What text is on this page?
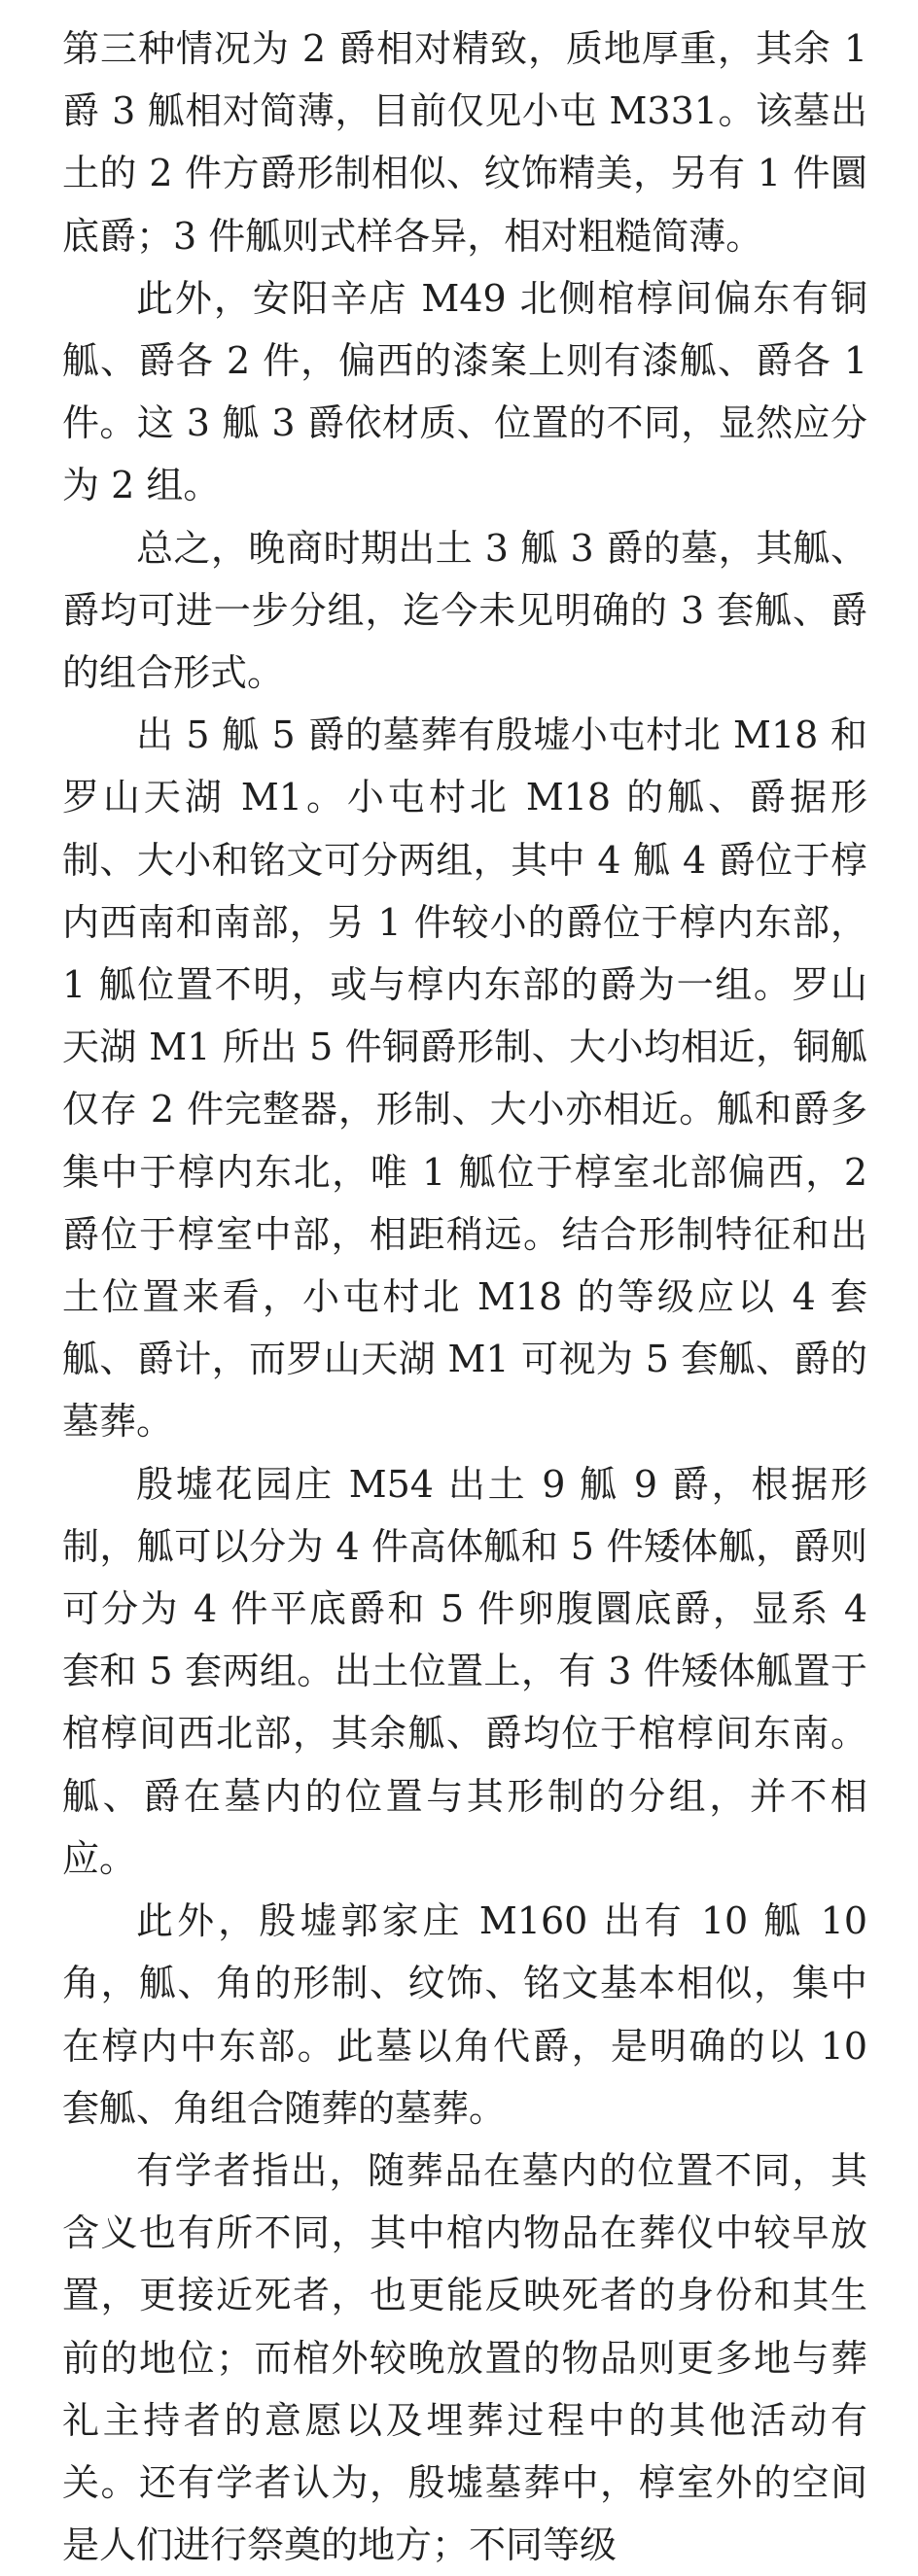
第三种情况为 2 爵相对精致，质地厚重，其余 1 爵 3 觚相对简薄，目前仅见小屯 M331。该墓出土的 2 件方爵形制相似、纹饰精美，另有 1 件圜底爵；3 件觚则式样各异，相对粗糙简薄。

此外，安阳辛店 M49 北侧棺椁间偏东有铜觚、爵各 2 件，偏西的漆案上则有漆觚、爵各 1 件。这 3 觚 3 爵依材质、位置的不同，显然应分为 2 组。

总之，晚商时期出土 3 觚 3 爵的墓，其觚、爵均可进一步分组，迄今未见明确的 3 套觚、爵的组合形式。

出 5 觚 5 爵的墓葬有殷墟小屯村北 M18 和罗山天湖 M1。小屯村北 M18 的觚、爵据形制、大小和铭文可分两组，其中 4 觚 4 爵位于椁内西南和南部，另 1 件较小的爵位于椁内东部，1 觚位置不明，或与椁内东部的爵为一组。罗山天湖 M1 所出 5 件铜爵形制、大小均相近，铜觚仅存 2 件完整器，形制、大小亦相近。觚和爵多集中于椁内东北，唯 1 觚位于椁室北部偏西，2 爵位于椁室中部，相距稍远。结合形制特征和出土位置来看，小屯村北 M18 的等级应以 4 套觚、爵计，而罗山天湖 M1 可视为 5 套觚、爵的墓葬。

殷墟花园庄 M54 出土 9 觚 9 爵，根据形制，觚可以分为 4 件高体觚和 5 件矮体觚，爵则可分为 4 件平底爵和 5 件卵腹圜底爵，显系 4 套和 5 套两组。出土位置上，有 3 件矮体觚置于棺椁间西北部，其余觚、爵均位于棺椁间东南。觚、爵在墓内的位置与其形制的分组，并不相应。

此外，殷墟郭家庄 M160 出有 10 觚 10 角，觚、角的形制、纹饰、铭文基本相似，集中在椁内中东部。此墓以角代爵，是明确的以 10 套觚、角组合随葬的墓葬。

有学者指出，随葬品在墓内的位置不同，其含义也有所不同，其中棺内物品在葬仪中较早放置，更接近死者，也更能反映死者的身份和其生前的地位；而棺外较晚放置的物品则更多地与葬礼主持者的意愿以及埋葬过程中的其他活动有关。还有学者认为，殷墟墓葬中，椁室外的空间是人们进行祭奠的地方；不同等级
